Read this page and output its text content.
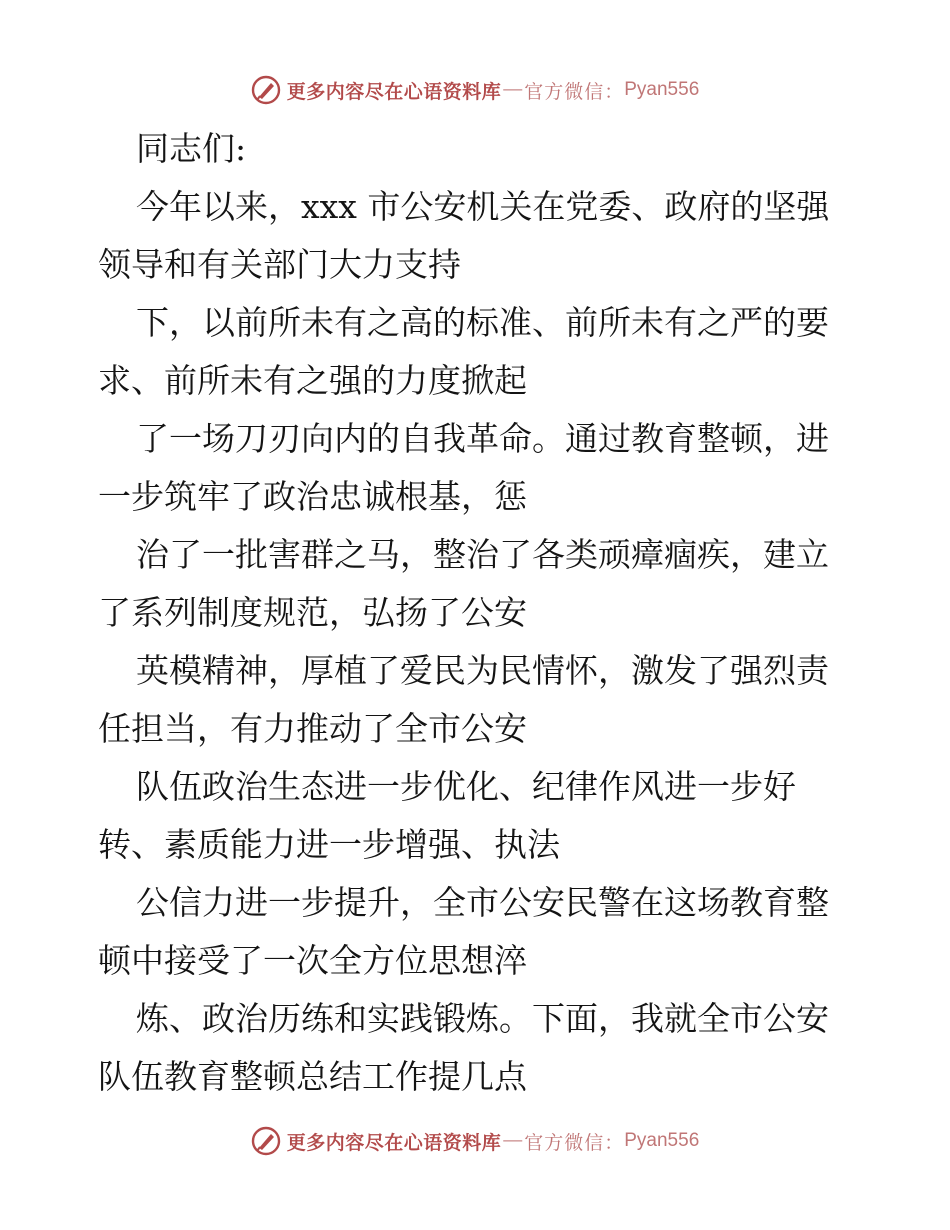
更多内容尽在心语资料库 — 官方微信： Pyan556

同志们:

今年以来，xxx 市公安机关在党委、政府的坚强

领导和有关部门大力支持

下，以前所未有之高的标准、前所未有之严的要

求、前所未有之强的力度掀起

了一场刀刃向内的自我革命。通过教育整顿，进

一步筑牢了政治忠诚根基，惩

治了一批害群之马，整治了各类顽瘴痼疾，建立

了系列制度规范，弘扬了公安

英模精神，厚植了爱民为民情怀，激发了强烈责

任担当，有力推动了全市公安

队伍政治生态进一步优化、纪律作风进一步好

转、素质能力进一步增强、执法

公信力进一步提升，全市公安民警在这场教育整

顿中接受了一次全方位思想淬

炼、政治历练和实践锻炼。下面，我就全市公安

队伍教育整顿总结工作提几点

更多内容尽在心语资料库 — 官方微信： Pyan556
